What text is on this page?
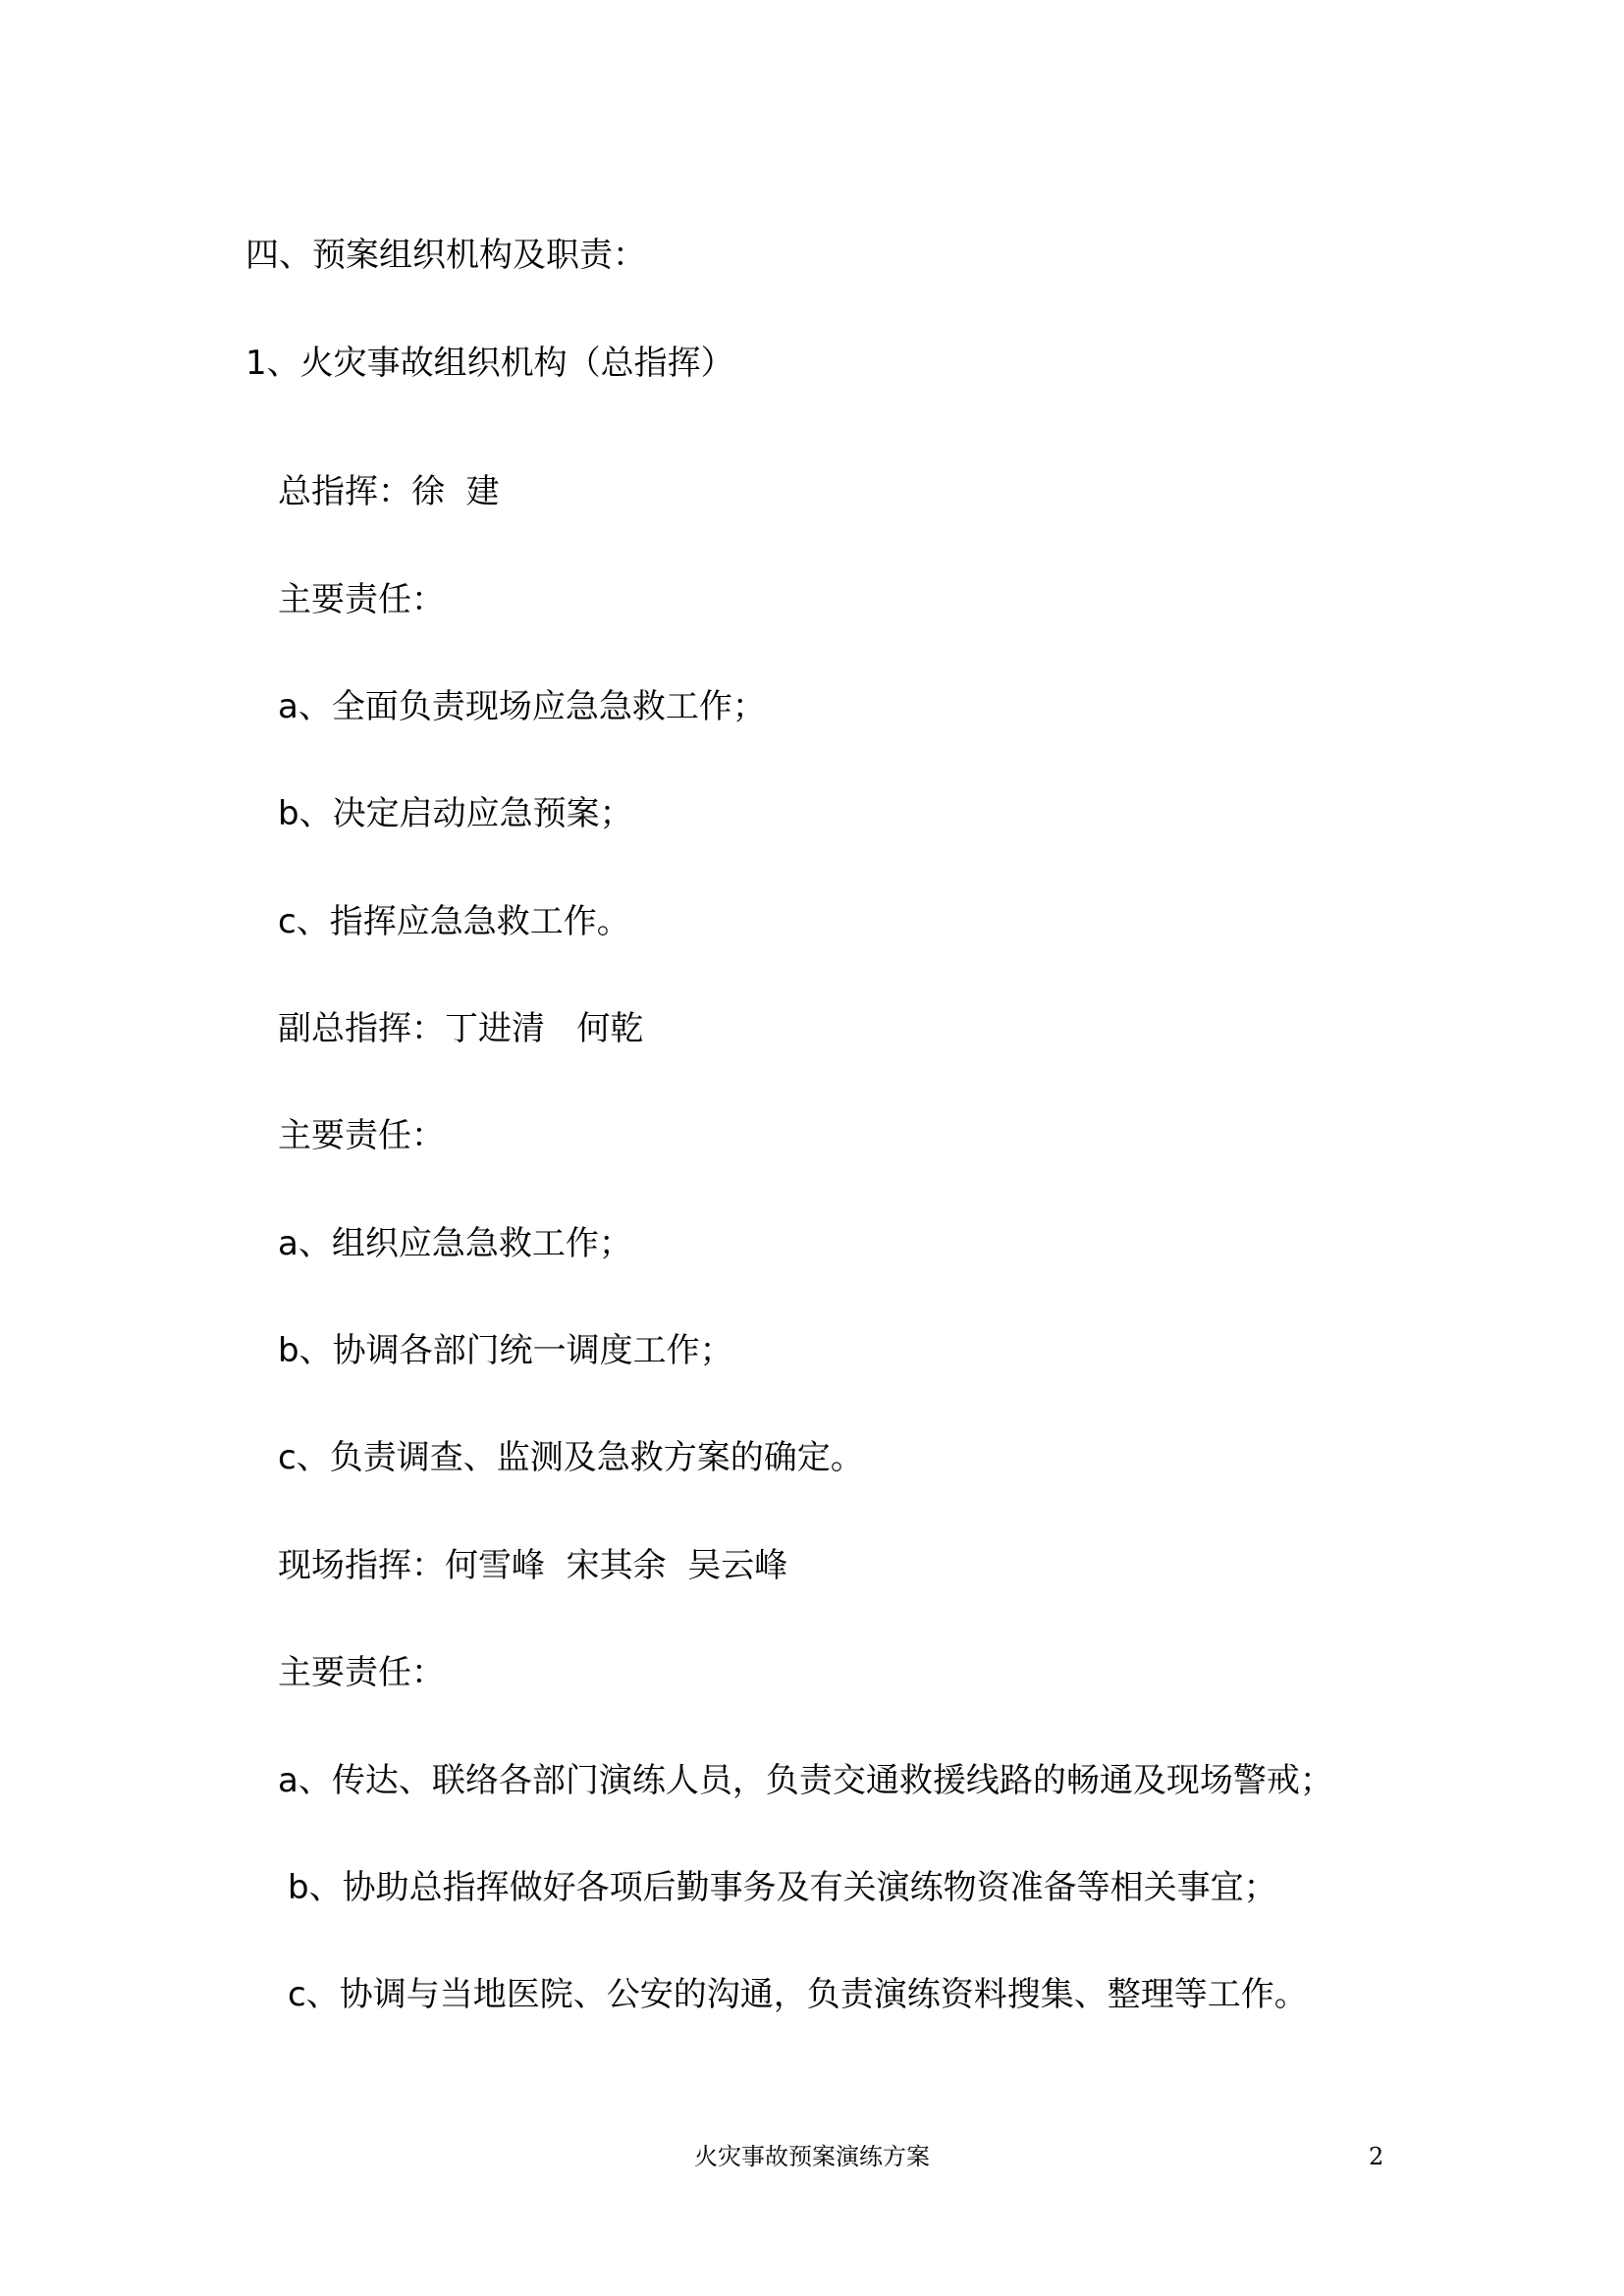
四、预案组织机构及职责：
1、火灾事故组织机构（总指挥）
总指挥：徐  建
主要责任：
a、全面负责现场应急急救工作；
b、决定启动应急预案；
c、指挥应急急救工作。
副总指挥：丁进清   何乾
主要责任：
a、组织应急急救工作；
b、协调各部门统一调度工作；
c、负责调查、监测及急救方案的确定。
现场指挥：何雪峰  宋其余  吴云峰
主要责任：
a、传达、联络各部门演练人员，负责交通救援线路的畅通及现场警戒；
b、协助总指挥做好各项后勤事务及有关演练物资准备等相关事宜；
c、协调与当地医院、公安的沟通，负责演练资料搜集、整理等工作。
火灾事故预案演练方案	2
